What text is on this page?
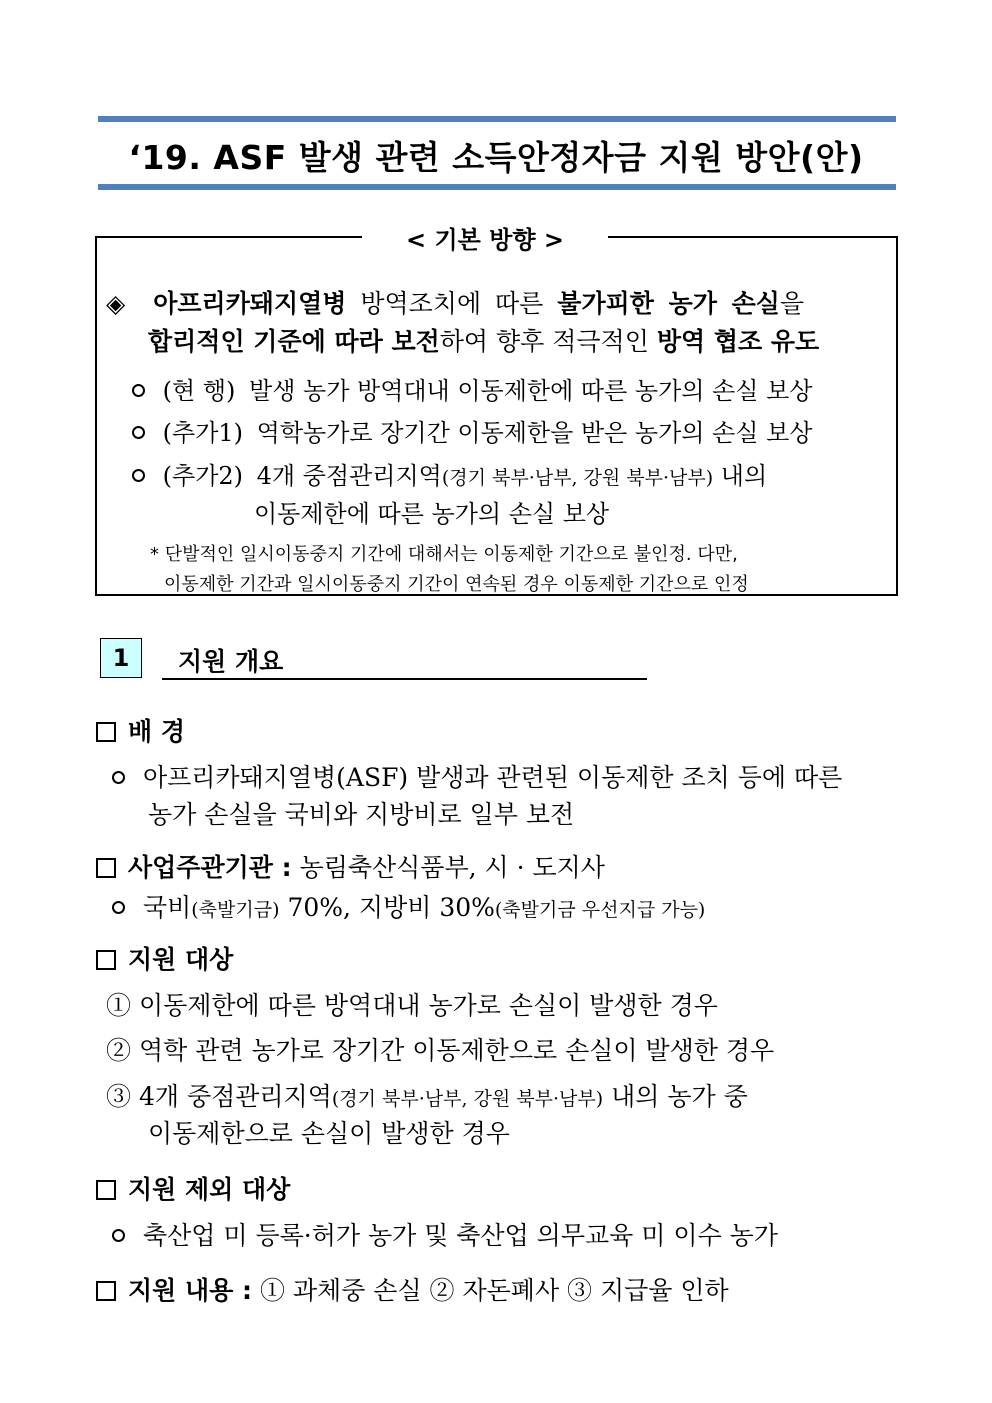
‘19. ASF 발생 관련 소득안정자금 지원 방안(안)
< 기본 방향 >
◈ 아프리카돼지열병 방역조치에 따른 불가피한 농가 손실을
합리적인 기준에 따라 보전하여 향후 적극적인 방역 협조 유도
(현 행) 발생 농가 방역대내 이동제한에 따른 농가의 손실 보상
(추가1) 역학농가로 장기간 이동제한을 받은 농가의 손실 보상
(추가2) 4개 중점관리지역(경기 북부·남부, 강원 북부·남부) 내의
이동제한에 따른 농가의 손실 보상
* 단발적인 일시이동중지 기간에 대해서는 이동제한 기간으로 불인정. 다만,
이동제한 기간과 일시이동중지 기간이 연속된 경우 이동제한 기간으로 인정
1	지원 개요
배 경
아프리카돼지열병(ASF) 발생과 관련된 이동제한 조치 등에 따른
농가 손실을 국비와 지방비로 일부 보전
사업주관기관 : 농림축산식품부, 시 · 도지사
국비(축발기금) 70%, 지방비 30%(축발기금 우선지급 가능)
지원 대상
① 이동제한에 따른 방역대내 농가로 손실이 발생한 경우
② 역학 관련 농가로 장기간 이동제한으로 손실이 발생한 경우
③ 4개 중점관리지역(경기 북부·남부, 강원 북부·남부) 내의 농가 중
이동제한으로 손실이 발생한 경우
지원 제외 대상
축산업 미 등록·허가 농가 및 축산업 의무교육 미 이수 농가
지원 내용 : ① 과체중 손실 ② 자돈폐사 ③ 지급율 인하
